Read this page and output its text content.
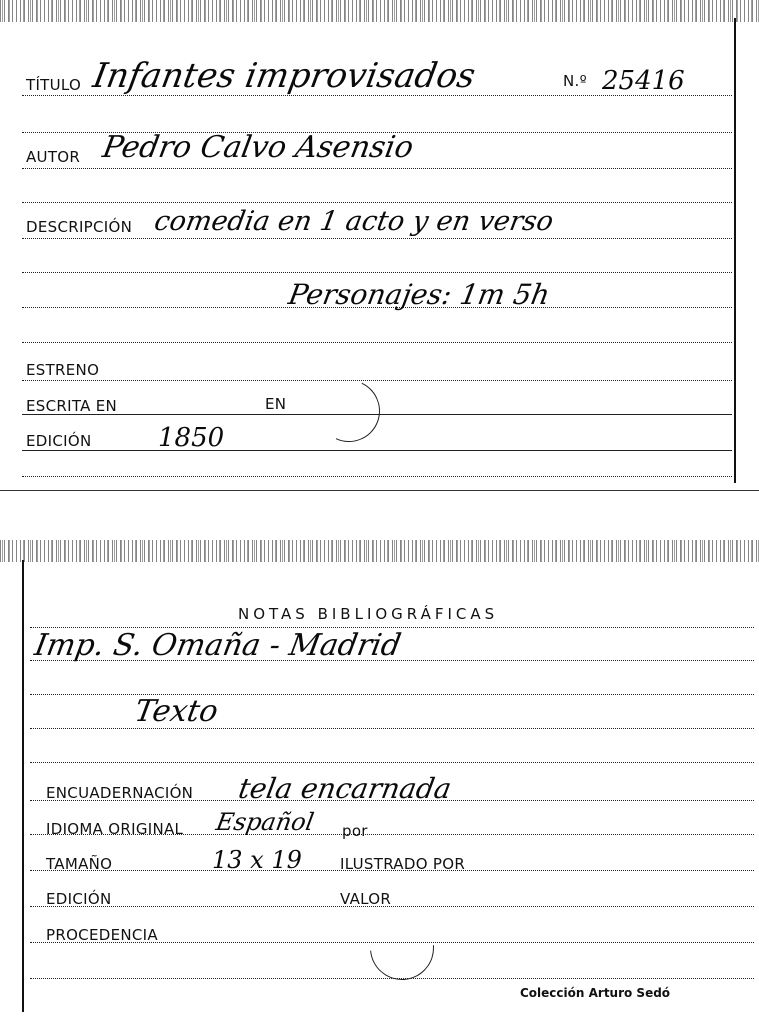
TÍTULO Infantes improvisados	N.º 25416
AUTOR Pedro Calvo Asensio
DESCRIPCIÓN comedia en 1 acto y en verso
Personajes: 1m 5h
ESTRENO
ESCRITA EN	EN
EDICIÓN	1850
NOTAS BIBLIOGRÁFICAS
Imp. S. Omaña - Madrid
Texto
ENCUADERNACIÓN tela encarnada
IDIOMA ORIGINAL Español por
TAMAÑO	13 x 19	ILUSTRADO POR
EDICIÓN	VALOR
PROCEDENCIA
Colección Arturo Sedó
